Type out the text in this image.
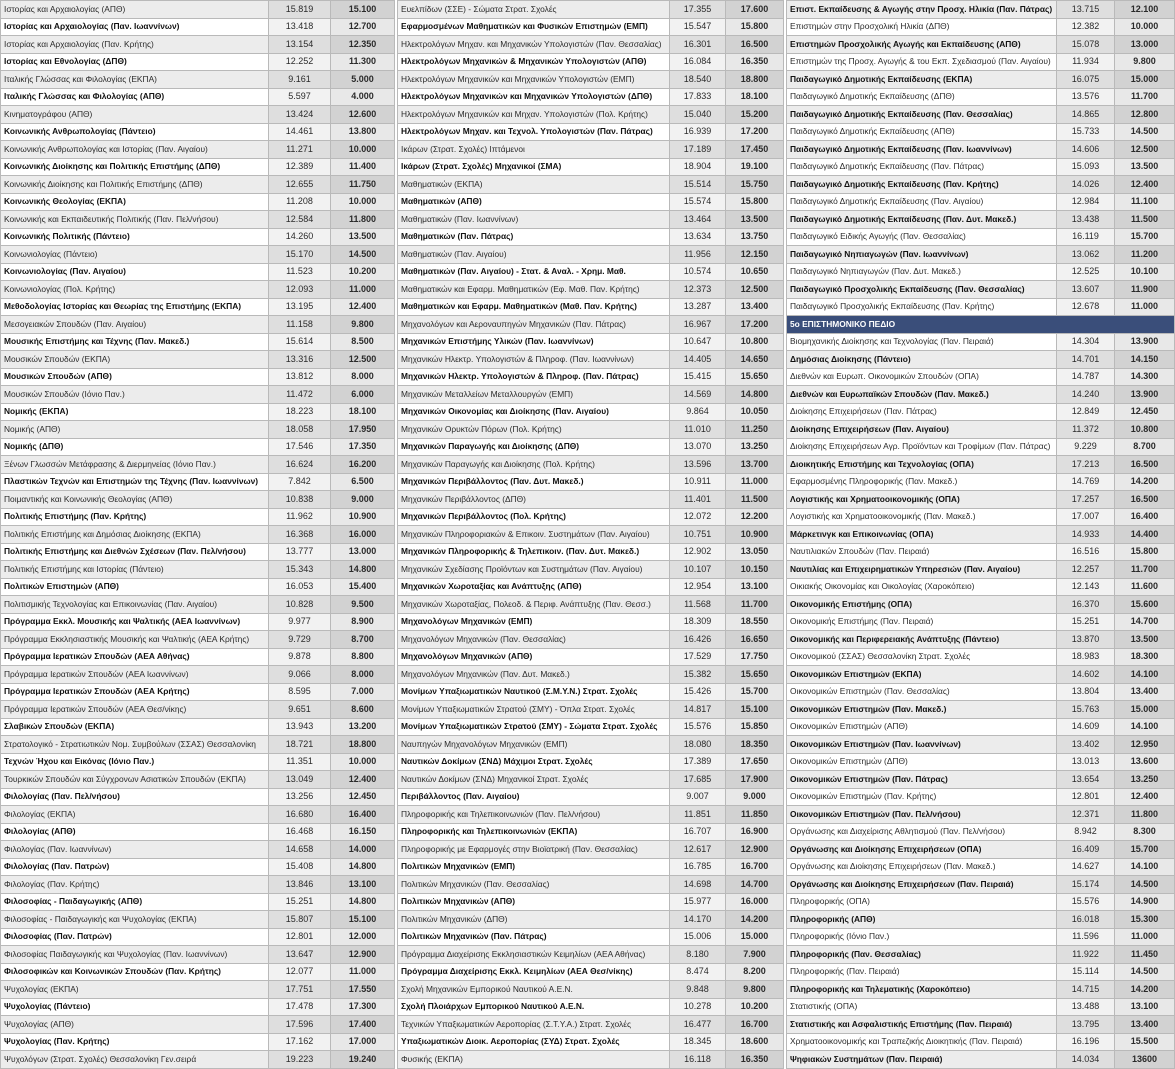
Ιστορίας και Αρχαιολογίας (ΑΠΘ)	15.819	15.100
Ιστορίας και Αρχαιολογίας (Παν. Ιωαννίνων)	13.418	12.700
Ιστορίας και Αρχαιολογίας (Παν. Κρήτης)	13.154	12.350
Ιστορίας και Εθνολογίας (ΔΠΘ)	12.252	11.300
Ιταλικής Γλώσσας και Φιλολογίας (ΕΚΠΑ)	9.161	5.000
Ιταλικής Γλώσσας και Φιλολογίας (ΑΠΘ)	5.597	4.000
Κινηματογράφου (ΑΠΘ)	13.424	12.600
Κοινωνικής Ανθρωπολογίας (Πάντειο)	14.461	13.800
Κοινωνικής Ανθρωπολογίας και Ιστορίας (Παν. Αιγαίου)	11.271	10.000
Κοινωνικής Διοίκησης και Πολιτικής Επιστήμης (ΔΠΘ)	12.389	11.400
Κοινωνικής Διοίκησης και Πολιτικής Επιστήμης (ΔΠΘ)	12.655	11.750
Κοινωνικής Θεολογίας (ΕΚΠΑ)	11.208	10.000
Κοινωνικής και Εκπαιδευτικής Πολιτικής (Παν. Πελ/νήσου)	12.584	11.800
Κοινωνικής Πολιτικής (Πάντειο)	14.260	13.500
Κοινωνιολογίας (Πάντειο)	15.170	14.500
Κοινωνιολογίας (Παν. Αιγαίου)	11.523	10.200
Κοινωνιολογίας (Πολ. Κρήτης)	12.093	11.000
Μεθοδολογίας Ιστορίας και Θεωρίας της Επιστήμης (ΕΚΠΑ)	13.195	12.400
Μεσογειακών Σπουδών (Παν. Αιγαίου)	11.158	9.800
Μουσικής Επιστήμης και Τέχνης (Παν. Μακεδ.)	15.614	8.500
Μουσικών Σπουδών (ΕΚΠΑ)	13.316	12.500
Μουσικών Σπουδών (ΑΠΘ)	13.812	8.000
Μουσικών Σπουδών (Ιόνιο Παν.)	11.472	6.000
Νομικής (ΕΚΠΑ)	18.223	18.100
Νομικής (ΑΠΘ)	18.058	17.950
Νομικής (ΔΠΘ)	17.546	17.350
Ξένων Γλωσσών Μετάφρασης & Διερμηνείας (Ιόνιο Παν.)	16.624	16.200
Πλαστικών Τεχνών και Επιστημών της Τέχνης (Παν. Ιωαννίνων)	7.842	6.500
Ποιμαντικής και Κοινωνικής Θεολογίας (ΑΠΘ)	10.838	9.000
Πολιτικής Επιστήμης (Παν. Κρήτης)	11.962	10.900
Πολιτικής Επιστήμης και Δημόσιας Διοίκησης (ΕΚΠΑ)	16.368	16.000
Πολιτικής Επιστήμης και Διεθνών Σχέσεων (Παν. Πελ/νήσου)	13.777	13.000
Πολιτικής Επιστήμης και Ιστορίας (Πάντειο)	15.343	14.800
Πολιτικών Επιστημών (ΑΠΘ)	16.053	15.400
Πολιτισμικής Τεχνολογίας και Επικοινωνίας (Παν. Αιγαίου)	10.828	9.500
Πρόγραμμα Εκκλ. Μουσικής και Ψαλτικής (ΑΕΑ Ιωαννίνων)	9.977	8.900
Πρόγραμμα Εκκλησιαστικής Μουσικής και Ψαλτικής (ΑΕΑ Κρήτης)	9.729	8.700
Πρόγραμμα Ιερατικών Σπουδών (ΑΕΑ Αθήνας)	9.878	8.800
Πρόγραμμα Ιερατικών Σπουδών (ΑΕΑ Ιωαννίνων)	9.066	8.000
Πρόγραμμα Ιερατικών Σπουδών (ΑΕΑ Κρήτης)	8.595	7.000
Πρόγραμμα Ιερατικών Σπουδών (ΑΕΑ Θεσ/νίκης)	9.651	8.600
Σλαβικών Σπουδών (ΕΚΠΑ)	13.943	13.200
Στρατολογικό - Στρατιωτικών Νομ. Συμβούλων (ΣΣΑΣ) Θεσσαλονίκη	18.721	18.800
Τεχνών Ήχου και Εικόνας (Ιόνιο Παν.)	11.351	10.000
Τουρκικών Σπουδών και Σύγχρονων Ασιατικών Σπουδών (ΕΚΠΑ)	13.049	12.400
Φιλολογίας (Παν. Πελ/νήσου)	13.256	12.450
Φιλολογίας (ΕΚΠΑ)	16.680	16.400
Φιλολογίας (ΑΠΘ)	16.468	16.150
Φιλολογίας (Παν. Ιωαννίνων)	14.658	14.000
Φιλολογίας (Παν. Πατρών)	15.408	14.800
Φιλολογίας (Παν. Κρήτης)	13.846	13.100
Φιλοσοφίας - Παιδαγωγικής (ΑΠΘ)	15.251	14.800
Φιλοσοφίας - Παιδαγωγικής και Ψυχολογίας (ΕΚΠΑ)	15.807	15.100
Φιλοσοφίας (Παν. Πατρών)	12.801	12.000
Φιλοσοφίας Παιδαγωγικής και Ψυχολογίας (Παν. Ιωαννίνων)	13.647	12.900
Φιλοσοφικών και Κοινωνικών Σπουδών (Παν. Κρήτης)	12.077	11.000
Ψυχολογίας (ΕΚΠΑ)	17.751	17.550
Ψυχολογίας (Πάντειο)	17.478	17.300
Ψυχολογίας (ΑΠΘ)	17.596	17.400
Ψυχολογίας (Παν. Κρήτης)	17.162	17.000
Ψυχολόγων (Στρατ. Σχολές) Θεσσαλονίκη Γεν.σειρά	19.223	19.240
Ευελπίδων (ΣΣΕ) - Σώματα Στρατ. Σχολές	17.355	17.600
Εφαρμοσμένων Μαθηματικών και Φυσικών Επιστημών (ΕΜΠ)	15.547	15.800
Ηλεκτρολόγων Μηχαν. και Μηχανικών Υπολογιστών (Παν. Θεσσαλίας)	16.301	16.500
Ηλεκτρολόγων Μηχανικών & Μηχανικών Υπολογιστών (ΑΠΘ)	16.084	16.350
Ηλεκτρολόγων Μηχανικών και Μηχανικών Υπολογιστών (ΕΜΠ)	18.540	18.800
Ηλεκτρολόγων Μηχανικών και Μηχανικών Υπολογιστών (ΔΠΘ)	17.833	18.100
Ηλεκτρολόγων Μηχανικών και Μηχαν. Υπολογιστών (Πολ. Κρήτης)	15.040	15.200
Ηλεκτρολόγων Μηχαν. και Τεχνολ. Υπολογιστών (Παν. Πάτρας)	16.939	17.200
Ικάρων (Στρατ. Σχολές) Ιπτάμενοι	17.189	17.450
Ικάρων (Στρατ. Σχολές) Μηχανικοί (ΣΜΑ)	18.904	19.100
Μαθηματικών (ΕΚΠΑ)	15.514	15.750
Μαθηματικών (ΑΠΘ)	15.574	15.800
Μαθηματικών (Παν. Ιωαννίνων)	13.464	13.500
Μαθηματικών (Παν. Πάτρας)	13.634	13.750
Μαθηματικών (Παν. Αιγαίου)	11.956	12.150
Μαθηματικών (Παν. Αιγαίου) - Στατ. & Αναλ. - Χρημ. Μαθ.	10.574	10.650
Μαθηματικών και Εφαρμ. Μαθηματικών (Εφ. Μαθ. Παν. Κρήτης)	12.373	12.500
Μαθηματικών και Εφαρμ. Μαθηματικών (Μαθ. Παν. Κρήτης)	13.287	13.400
Μηχανολόγων και Αεροναυπηγών Μηχανικών (Παν. Πάτρας)	16.967	17.200
Μηχανικών Επιστήμης Υλικών (Παν. Ιωαννίνων)	10.647	10.800
Μηχανικών Ηλεκτρ. Υπολογιστών & Πληροφ. (Παν. Ιωαννίνων)	14.405	14.650
Μηχανικών Ηλεκτρ. Υπολογιστών & Πληροφ. (Παν. Πάτρας)	15.415	15.650
Μηχανικών Μεταλλείων Μεταλλουργών (ΕΜΠ)	14.569	14.800
Μηχανικών Οικονομίας και Διοίκησης (Παν. Αιγαίου)	9.864	10.050
Μηχανικών Ορυκτών Πόρων (Πολ. Κρήτης)	11.010	11.250
Μηχανικών Παραγωγής και Διοίκησης (ΔΠΘ)	13.070	13.250
Μηχανικών Παραγωγής και Διοίκησης (Πολ. Κρήτης)	13.596	13.700
Μηχανικών Περιβάλλοντος (Παν. Δυτ. Μακεδ.)	10.911	11.000
Μηχανικών Περιβάλλοντος (ΔΠΘ)	11.401	11.500
Μηχανικών Περιβάλλοντος (Πολ. Κρήτης)	12.072	12.200
Μηχανικών Πληροφοριακών & Επικοιν. Συστημάτων (Παν. Αιγαίου)	10.751	10.900
Μηχανικών Πληροφορικής & Τηλεπικοιν. (Παν. Δυτ. Μακεδ.)	12.902	13.050
Μηχανικών Σχεδίασης Προϊόντων και Συστημάτων (Παν. Αιγαίου)	10.107	10.150
Μηχανικών Χωροταξίας και Ανάπτυξης (ΑΠΘ)	12.954	13.100
Μηχανικών Χωροταξίας, Πολεοδ. & Περιφ. Ανάπτυξης (Παν. Θεσσ.)	11.568	11.700
Μηχανολόγων Μηχανικών (ΕΜΠ)	18.309	18.550
Μηχανολόγων Μηχανικών (Παν. Θεσσαλίας)	16.426	16.650
Μηχανολόγων Μηχανικών (ΑΠΘ)	17.529	17.750
Μηχανολόγων Μηχανικών (Παν. Δυτ. Μακεδ.)	15.382	15.650
Μονίμων Υπαξιωματικών Ναυτικού (Σ.Μ.Υ.Ν.) Στρατ. Σχολές	15.426	15.700
Μονίμων Υπαξιωματικών Στρατού (ΣΜΥ) - Όπλα Στρατ. Σχολές	14.817	15.100
Μονίμων Υπαξιωματικών Στρατού (ΣΜΥ) - Σώματα Στρατ. Σχολές	15.576	15.850
Ναυπηγών Μηχανολόγων Μηχανικών (ΕΜΠ)	18.080	18.350
Ναυτικών Δοκίμων (ΣΝΔ) Μάχιμοι Στρατ. Σχολές	17.389	17.650
Ναυτικών Δοκίμων (ΣΝΔ) Μηχανικοί Στρατ. Σχολές	17.685	17.900
Περιβάλλοντος (Παν. Αιγαίου)	9.007	9.000
Πληροφορικής και Τηλεπικοινωνιών (Παν. Πελ/νήσου)	11.851	11.850
Πληροφορικής και Τηλεπικοινωνιών (ΕΚΠΑ)	16.707	16.900
Πληροφορικής με Εφαρμογές στην Βιοϊατρική (Παν. Θεσσαλίας)	12.617	12.900
Πολιτικών Μηχανικών (ΕΜΠ)	16.785	16.700
Πολιτικών Μηχανικών (Παν. Θεσσαλίας)	14.698	14.700
Πολιτικών Μηχανικών (ΑΠΘ)	15.977	16.000
Πολιτικών Μηχανικών (ΔΠΘ)	14.170	14.200
Πολιτικών Μηχανικών (Παν. Πάτρας)	15.006	15.000
Πρόγραμμα Διαχείρισης Εκκλησιαστικών Κειμηλίων (ΑΕΑ Αθήνας)	8.180	7.900
Πρόγραμμα Διαχείρισης Εκκλ. Κειμηλίων (ΑΕΑ Θεσ/νίκης)	8.474	8.200
Σχολή Μηχανικών Εμπορικού Ναυτικού Α.Ε.Ν.	9.848	9.800
Σχολή Πλοιάρχων Εμπορικού Ναυτικού Α.Ε.Ν.	10.278	10.200
Τεχνικών Υπαξιωματικών Αεροπορίας (Σ.Τ.Υ.Α.) Στρατ. Σχολές	16.477	16.700
Υπαξιωματικών Διοικ. Αεροπορίας (ΣΥΔ) Στρατ. Σχολές	18.345	18.600
Φυσικής (ΕΚΠΑ)	16.118	16.350
Επιστ. Εκπαίδευσης & Αγωγής στην Προσχ. Ηλικία (Παν. Πάτρας)	13.715	12.100
Επιστημών στην Προσχολική Ηλικία (ΔΠΘ)	12.382	10.000
Επιστημών Προσχολικής Αγωγής και Εκπαίδευσης (ΑΠΘ)	15.078	13.000
Επιστημών της Προσχ. Αγωγής & του Εκπ. Σχεδιασμού (Παν. Αιγαίου)	11.934	9.800
Παιδαγωγικό Δημοτικής Εκπαίδευσης (ΕΚΠΑ)	16.075	15.000
Παιδαγωγικό Δημοτικής Εκπαίδευσης (ΔΠΘ)	13.576	11.700
Παιδαγωγικό Δημοτικής Εκπαίδευσης (Παν. Θεσσαλίας)	14.865	12.800
Παιδαγωγικό Δημοτικής Εκπαίδευσης (ΑΠΘ)	15.733	14.500
Παιδαγωγικό Δημοτικής Εκπαίδευσης (Παν. Ιωαννίνων)	14.606	12.500
Παιδαγωγικό Δημοτικής Εκπαίδευσης (Παν. Πάτρας)	15.093	13.500
Παιδαγωγικό Δημοτικής Εκπαίδευσης (Παν. Κρήτης)	14.026	12.400
Παιδαγωγικό Δημοτικής Εκπαίδευσης (Παν. Αιγαίου)	12.984	11.100
Παιδαγωγικό Δημοτικής Εκπαίδευσης (Παν. Δυτ. Μακεδ.)	13.438	11.500
Παιδαγωγικό Ειδικής Αγωγής (Παν. Θεσσαλίας)	16.119	15.700
Παιδαγωγικό Νηπιαγωγών (Παν. Ιωαννίνων)	13.062	11.200
Παιδαγωγικό Νηπιαγωγών (Παν. Δυτ. Μακεδ.)	12.525	10.100
Παιδαγωγικό Προσχολικής Εκπαίδευσης (Παν. Θεσσαλίας)	13.607	11.900
Παιδαγωγικό Προσχολικής Εκπαίδευσης (Παν. Κρήτης)	12.678	11.000
5ο ΕΠΙΣΤΗΜΟΝΙΚΟ ΠΕΔΙΟ		
Βιομηχανικής Διοίκησης και Τεχνολογίας (Παν. Πειραιά)	14.304	13.900
Δημόσιας Διοίκησης (Πάντειο)	14.701	14.150
Διεθνών και Ευρωπ. Οικονομικών Σπουδών (ΟΠΑ)	14.787	14.300
Διεθνών και Ευρωπαϊκών Σπουδών (Παν. Μακεδ.)	14.240	13.900
Διοίκησης Επιχειρήσεων (Παν. Πάτρας)	12.849	12.450
Διοίκησης Επιχειρήσεων (Παν. Αιγαίου)	11.372	10.800
Διοίκησης Επιχειρήσεων Αγρ. Προϊόντων και Τροφίμων (Παν. Πάτρας)	9.229	8.700
Διοικητικής Επιστήμης και Τεχνολογίας (ΟΠΑ)	17.213	16.500
Εφαρμοσμένης Πληροφορικής (Παν. Μακεδ.)	14.769	14.200
Λογιστικής και Χρηματοοικονομικής (ΟΠΑ)	17.257	16.500
Λογιστικής και Χρηματοοικονομικής (Παν. Μακεδ.)	17.007	16.400
Μάρκετινγκ και Επικοινωνίας (ΟΠΑ)	14.933	14.400
Ναυτιλιακών Σπουδών (Παν. Πειραιά)	16.516	15.800
Ναυτιλίας και Επιχειρηματικών Υπηρεσιών (Παν. Αιγαίου)	12.257	11.700
Οικιακής Οικονομίας και Οικολογίας (Χαροκόπειο)	12.143	11.600
Οικονομικής Επιστήμης (ΟΠΑ)	16.370	15.600
Οικονομικής Επιστήμης (Παν. Πειραιά)	15.251	14.700
Οικονομικής και Περιφερειακής Ανάπτυξης (Πάντειο)	13.870	13.500
Οικονομικού (ΣΣΑΣ) Θεσσαλονίκη Στρατ. Σχολές	18.983	18.300
Οικονομικών Επιστημών (ΕΚΠΑ)	14.602	14.100
Οικονομικών Επιστημών (Παν. Θεσσαλίας)	13.804	13.400
Οικονομικών Επιστημών (Παν. Μακεδ.)	15.763	15.000
Οικονομικών Επιστημών (ΑΠΘ)	14.609	14.100
Οικονομικών Επιστημών (Παν. Ιωαννίνων)	13.402	12.950
Οικονομικών Επιστημών (ΔΠΘ)	13.013	13.600
Οικονομικών Επιστημών (Παν. Πάτρας)	13.654	13.250
Οικονομικών Επιστημών (Παν. Κρήτης)	12.801	12.400
Οικονομικών Επιστημών (Παν. Πελ/νήσου)	12.371	11.800
Οργάνωσης και Διαχείρισης Αθλητισμού (Παν. Πελ/νήσου)	8.942	8.300
Οργάνωσης και Διοίκησης Επιχειρήσεων (ΟΠΑ)	16.409	15.700
Οργάνωσης και Διοίκησης Επιχειρήσεων (Παν. Μακεδ.)	14.627	14.100
Οργάνωσης και Διοίκησης Επιχειρήσεων (Παν. Πειραιά)	15.174	14.500
Πληροφορικής (ΟΠΑ)	15.576	14.900
Πληροφορικής (ΑΠΘ)	16.018	15.300
Πληροφορικής (Ιόνιο Παν.)	11.596	11.000
Πληροφορικής (Παν. Θεσσαλίας)	11.922	11.450
Πληροφορικής (Παν. Πειραιά)	15.114	14.500
Πληροφορικής και Τηλεματικής (Χαροκόπειο)	14.715	14.200
Στατιστικής (ΟΠΑ)	13.488	13.100
Στατιστικής και Ασφαλιστικής Επιστήμης (Παν. Πειραιά)	13.795	13.400
Χρηματοοικονομικής και Τραπεζικής Διοικητικής (Παν. Πειραιά)	16.196	15.500
Ψηφιακών Συστημάτων (Παν. Πειραιά)	14.034	13600
